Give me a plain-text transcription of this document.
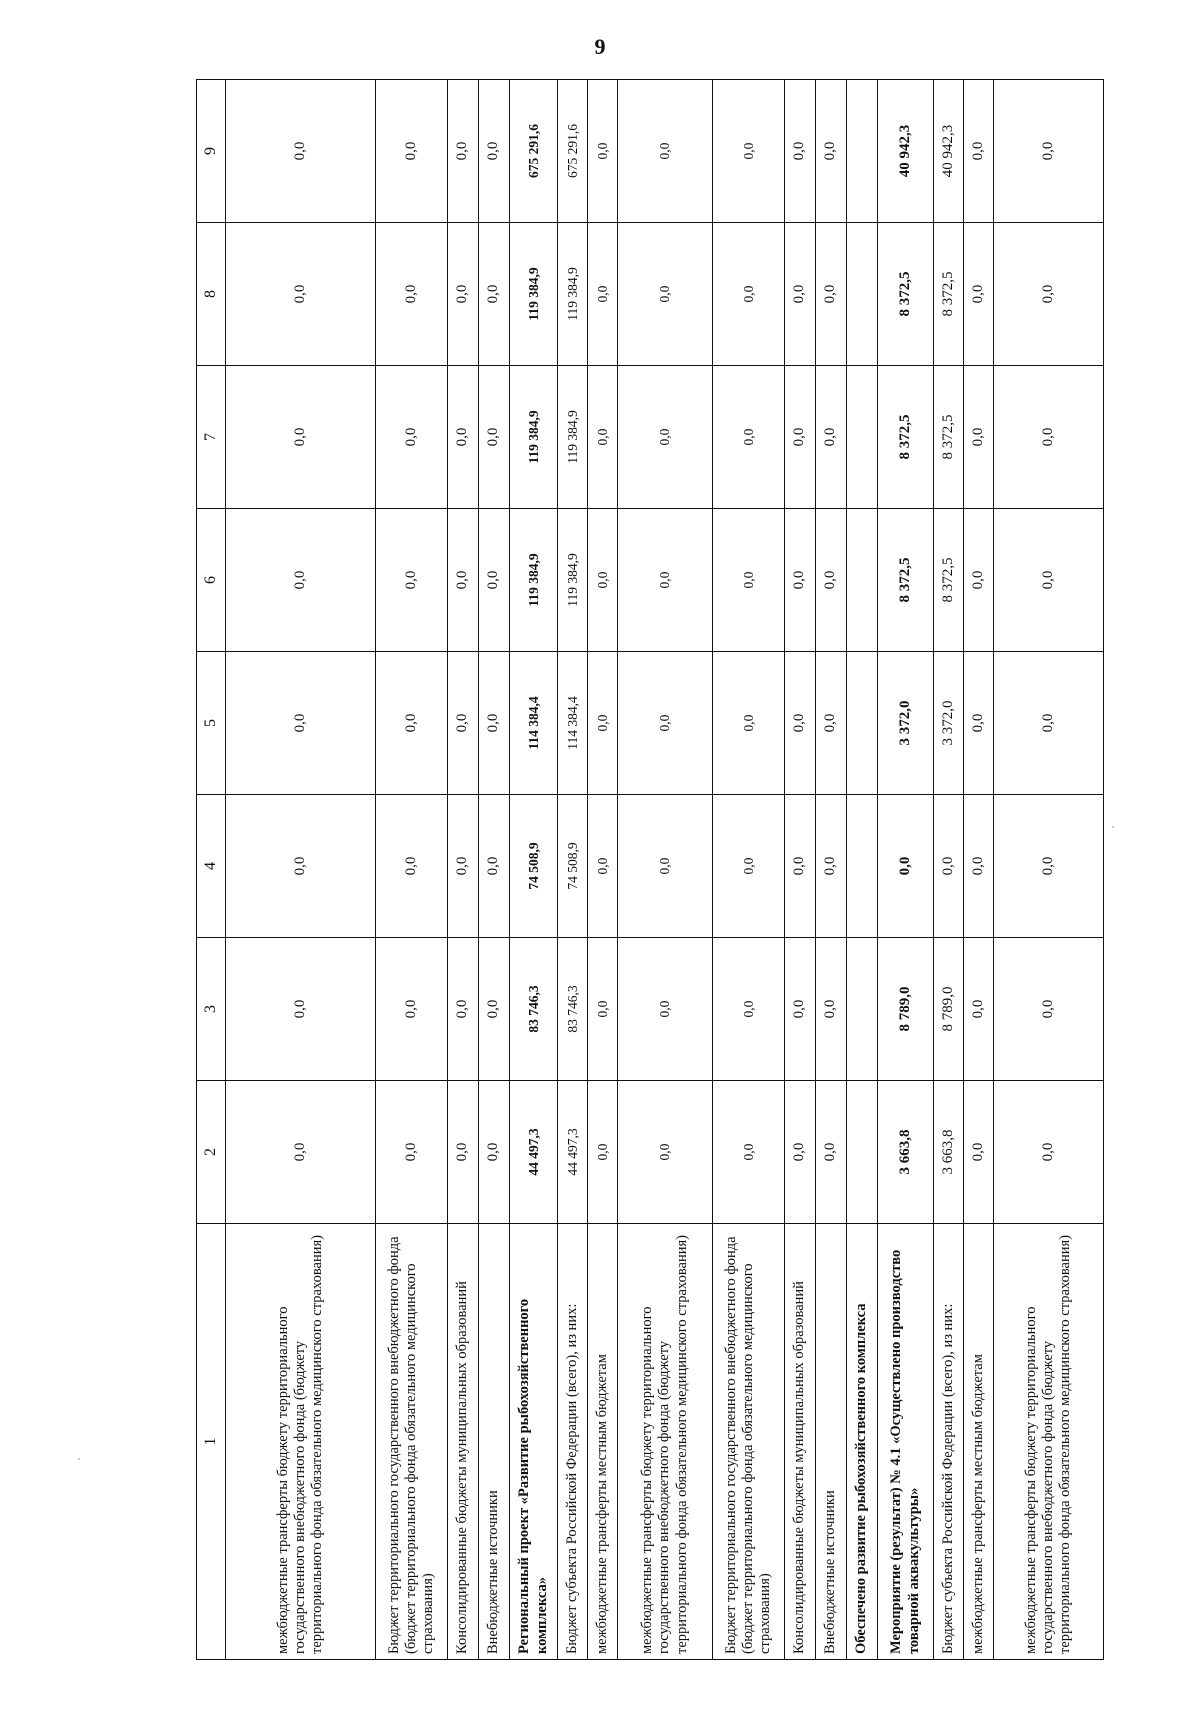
9
1	2	3	4	5	6	7	8	9
межбюджетные трансферты бюджету территориального государственного внебюджетного фонда (бюджету территориального фонда обязательного медицинского страхования)	0,0	0,0	0,0	0,0	0,0	0,0	0,0	0,0
Бюджет территориального государственного внебюджетного фонда (бюджет территориального фонда обязательного медицинского страхования)	0,0	0,0	0,0	0,0	0,0	0,0	0,0	0,0
Консолидированные бюджеты муниципальных образований	0,0	0,0	0,0	0,0	0,0	0,0	0,0	0,0
Внебюджетные источники	0,0	0,0	0,0	0,0	0,0	0,0	0,0	0,0
Региональный проект «Развитие рыбохозяйственного комплекса»	44 497,3	83 746,3	74 508,9	114 384,4	119 384,9	119 384,9	119 384,9	675 291,6
Бюджет субъекта Российской Федерации (всего), из них:	44 497,3	83 746,3	74 508,9	114 384,4	119 384,9	119 384,9	119 384,9	675 291,6
межбюджетные трансферты местным бюджетам	0,0	0,0	0,0	0,0	0,0	0,0	0,0	0,0
межбюджетные трансферты бюджету территориального государственного внебюджетного фонда (бюджету территориального фонда обязательного медицинского страхования)	0,0	0,0	0,0	0,0	0,0	0,0	0,0	0,0
Бюджет территориального государственного внебюджетного фонда (бюджет территориального фонда обязательного медицинского страхования)	0,0	0,0	0,0	0,0	0,0	0,0	0,0	0,0
Консолидированные бюджеты муниципальных образований	0,0	0,0	0,0	0,0	0,0	0,0	0,0	0,0
Внебюджетные источники	0,0	0,0	0,0	0,0	0,0	0,0	0,0	0,0
Обеспечено развитие рыбохозяйственного комплекса								
Мероприятие (результат) № 4.1 «Осуществлено производство товарной аквакультуры»	3 663,8	8 789,0	0,0	3 372,0	8 372,5	8 372,5	8 372,5	40 942,3
Бюджет субъекта Российской Федерации (всего), из них:	3 663,8	8 789,0	0,0	3 372,0	8 372,5	8 372,5	8 372,5	40 942,3
межбюджетные трансферты местным бюджетам	0,0	0,0	0,0	0,0	0,0	0,0	0,0	0,0
межбюджетные трансферты бюджету территориального государственного внебюджетного фонда (бюджету территориального фонда обязательного медицинского страхования)	0,0	0,0	0,0	0,0	0,0	0,0	0,0	0,0
